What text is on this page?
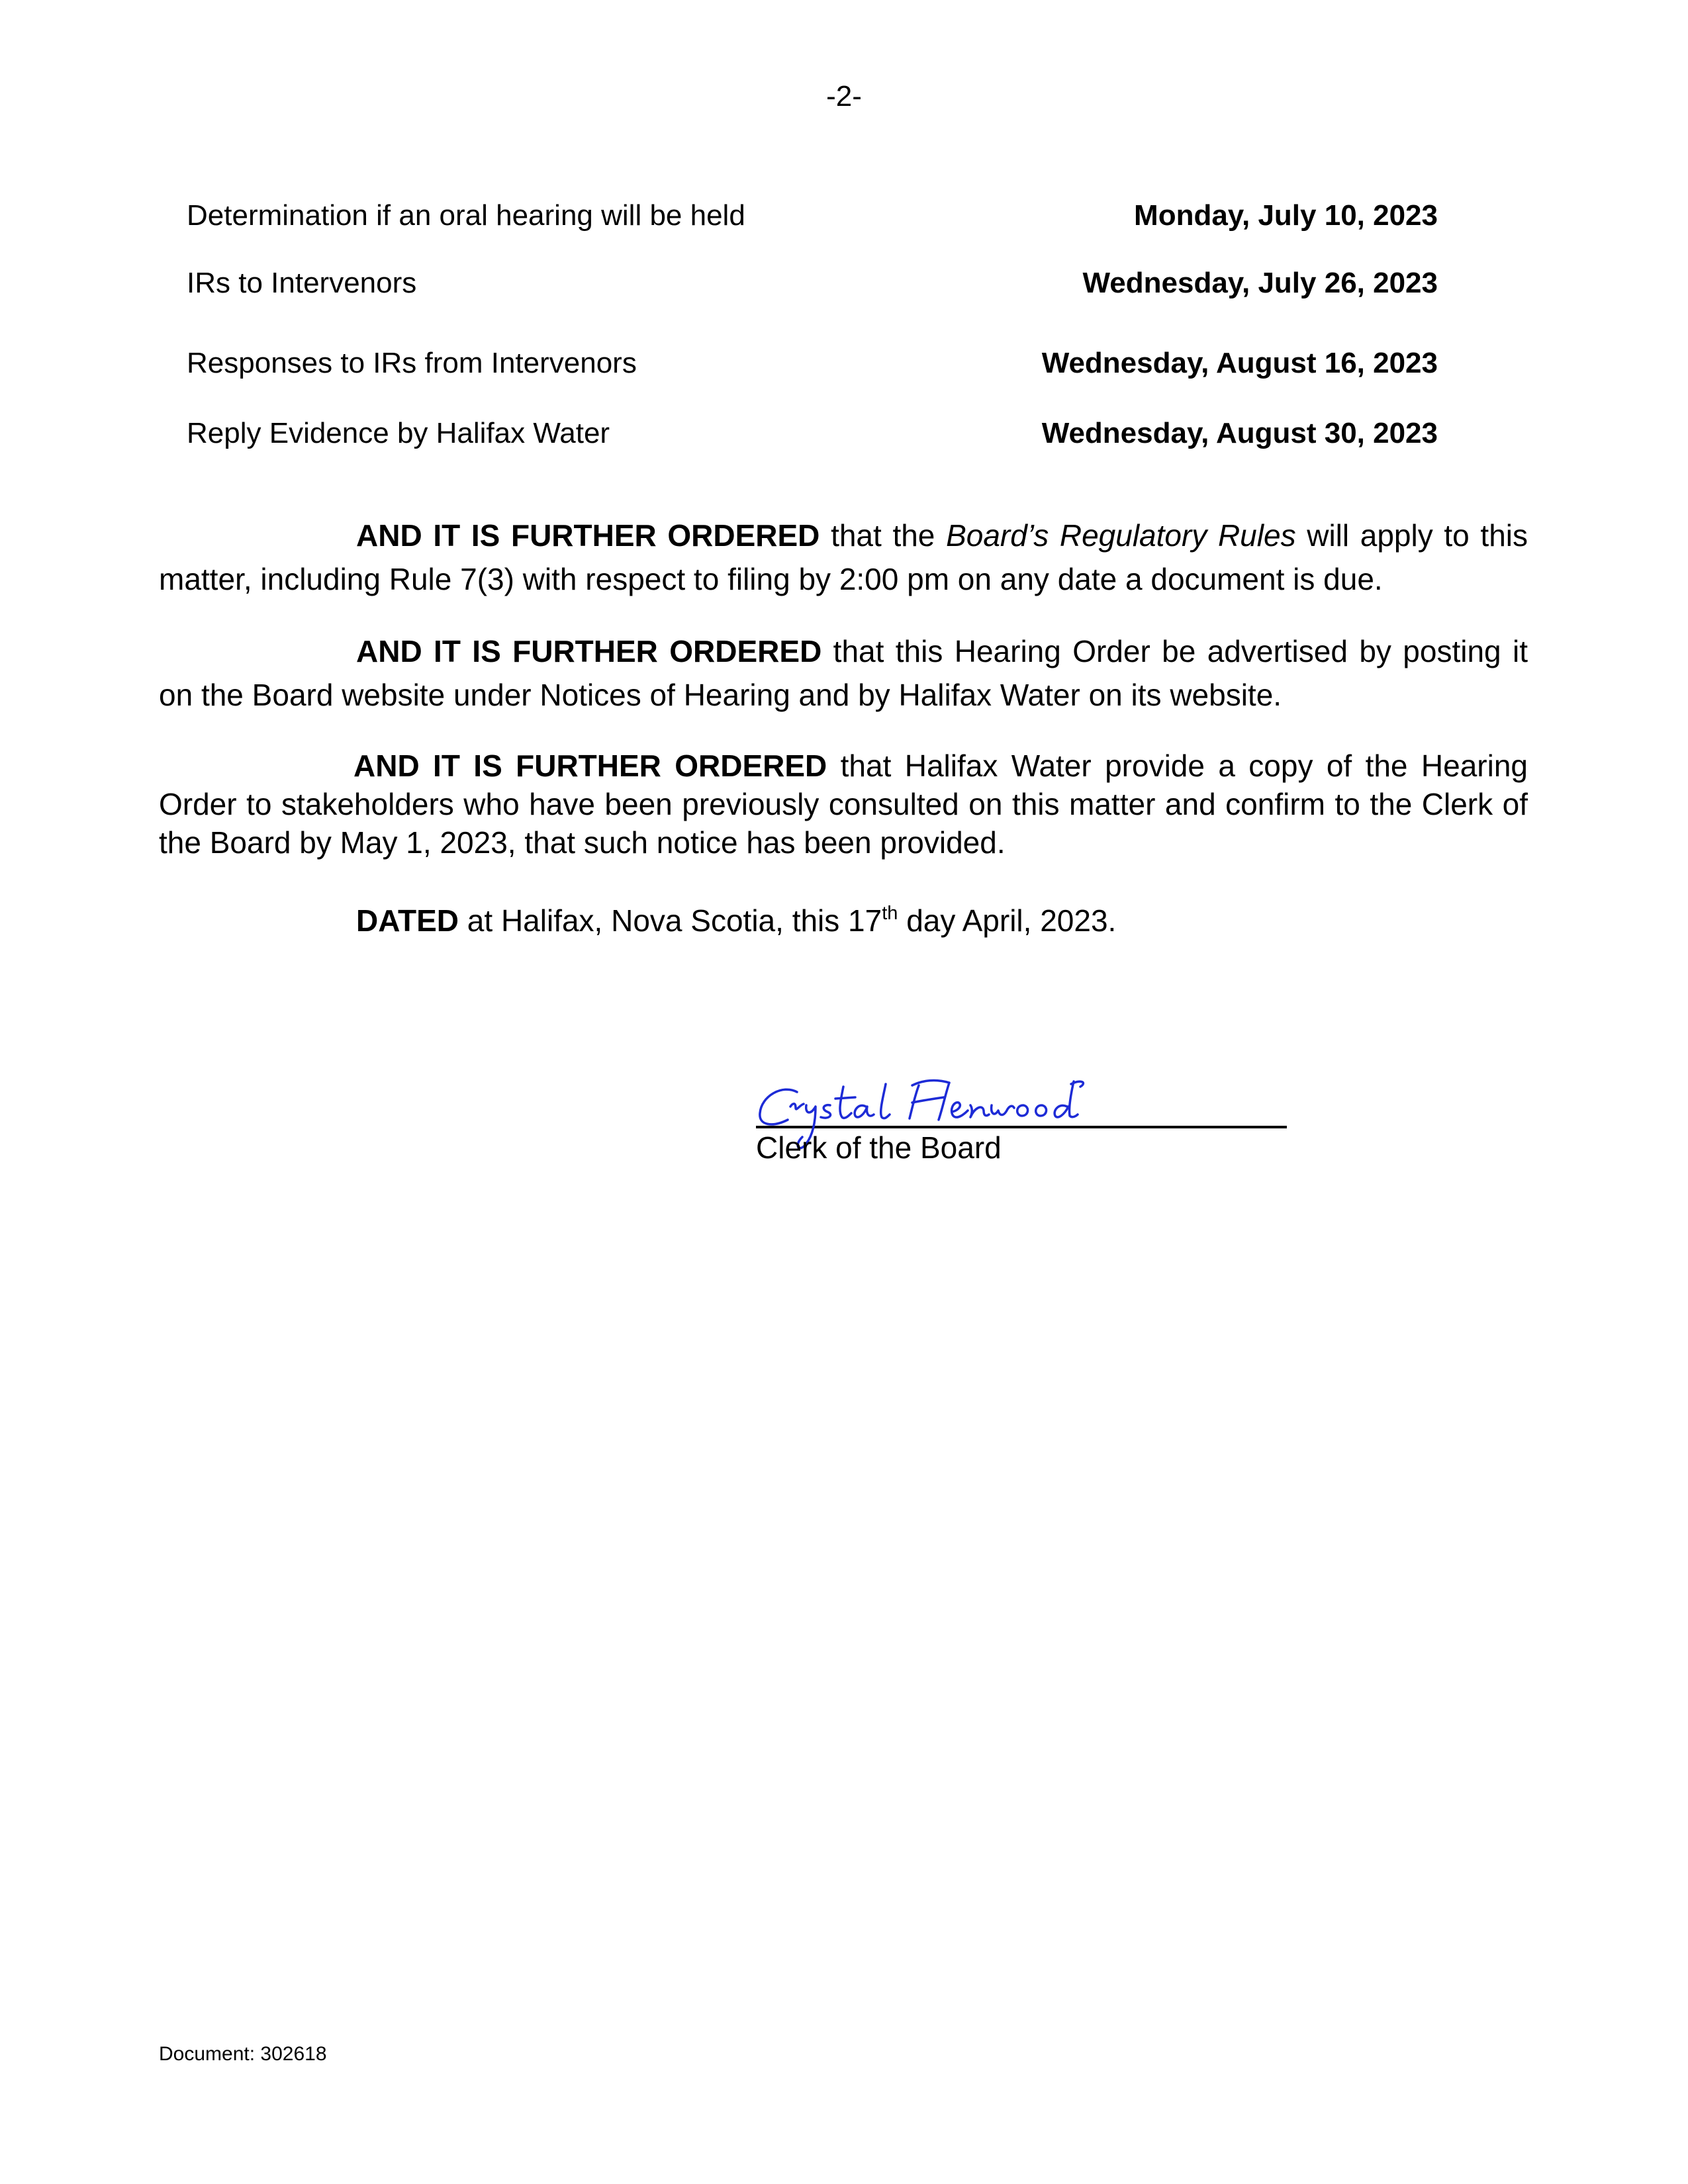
-2-
Determination if an oral hearing will be held	Monday, July 10, 2023
IRs to Intervenors	Wednesday, July 26, 2023
Responses to IRs from Intervenors	Wednesday, August 16, 2023
Reply Evidence by Halifax Water	Wednesday, August 30, 2023
AND IT IS FURTHER ORDERED that the Board’s Regulatory Rules will apply to this matter, including Rule 7(3) with respect to filing by 2:00 pm on any date a document is due.
AND IT IS FURTHER ORDERED that this Hearing Order be advertised by posting it on the Board website under Notices of Hearing and by Halifax Water on its website.
AND IT IS FURTHER ORDERED that Halifax Water provide a copy of the Hearing Order to stakeholders who have been previously consulted on this matter and confirm to the Clerk of the Board by May 1, 2023, that such notice has been provided.
DATED at Halifax, Nova Scotia, this 17th day April, 2023.
Clerk of the Board
Document: 302618
